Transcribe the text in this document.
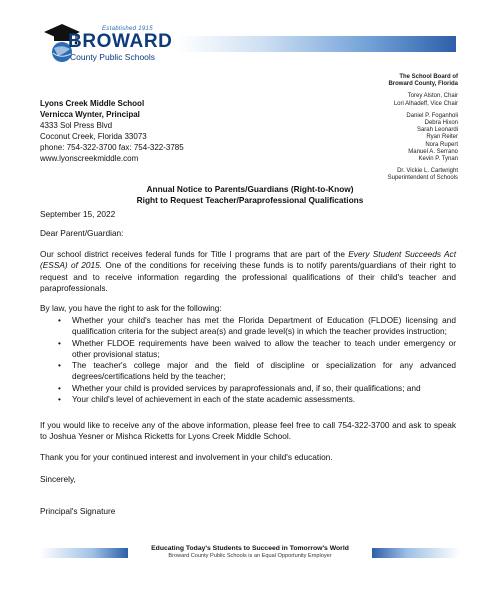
Established 1915
BROWARD
County Public Schools
Lyons Creek Middle School
Vernicca Wynter, Principal
4333 Sol Press Blvd
Coconut Creek, Florida 33073
phone: 754-322-3700 fax: 754-322-3785
www.lyonscreekmiddle.com
The School Board of
Broward County, Florida
Torey Alston, Chair
Lori Alhadeff, Vice Chair
Daniel P. Foganholi
Debra Hixon
Sarah Leonardi
Ryan Reiter
Nora Rupert
Manuel A. Serrano
Kevin P. Tynan
Dr. Vickie L. Cartwright
Superintendent of Schools
Annual Notice to Parents/Guardians (Right-to-Know)
Right to Request Teacher/Paraprofessional Qualifications
September 15, 2022
Dear Parent/Guardian:
Our school district receives federal funds for Title I programs that are part of the Every Student Succeeds Act (ESSA) of 2015. One of the conditions for receiving these funds is to notify parents/guardians of their right to request and to receive information regarding the professional qualifications of their child's teacher and paraprofessionals.
By law, you have the right to ask for the following:
• Whether your child's teacher has met the Florida Department of Education (FLDOE) licensing and qualification criteria for the subject area(s) and grade level(s) in which the teacher provides instruction;
• Whether FLDOE requirements have been waived to allow the teacher to teach under emergency or other provisional status;
• The teacher's college major and the field of discipline or specialization for any advanced degrees/certifications held by the teacher;
• Whether your child is provided services by paraprofessionals and, if so, their qualifications; and
• Your child's level of achievement in each of the state academic assessments.
If you would like to receive any of the above information, please feel free to call 754-322-3700 and ask to speak to Joshua Yesner or Mishca Ricketts for Lyons Creek Middle School.
Thank you for your continued interest and involvement in your child's education.
Sincerely,
Principal's Signature
Educating Today's Students to Succeed in Tomorrow's World
Broward County Public Schools is an Equal Opportunity Employer
